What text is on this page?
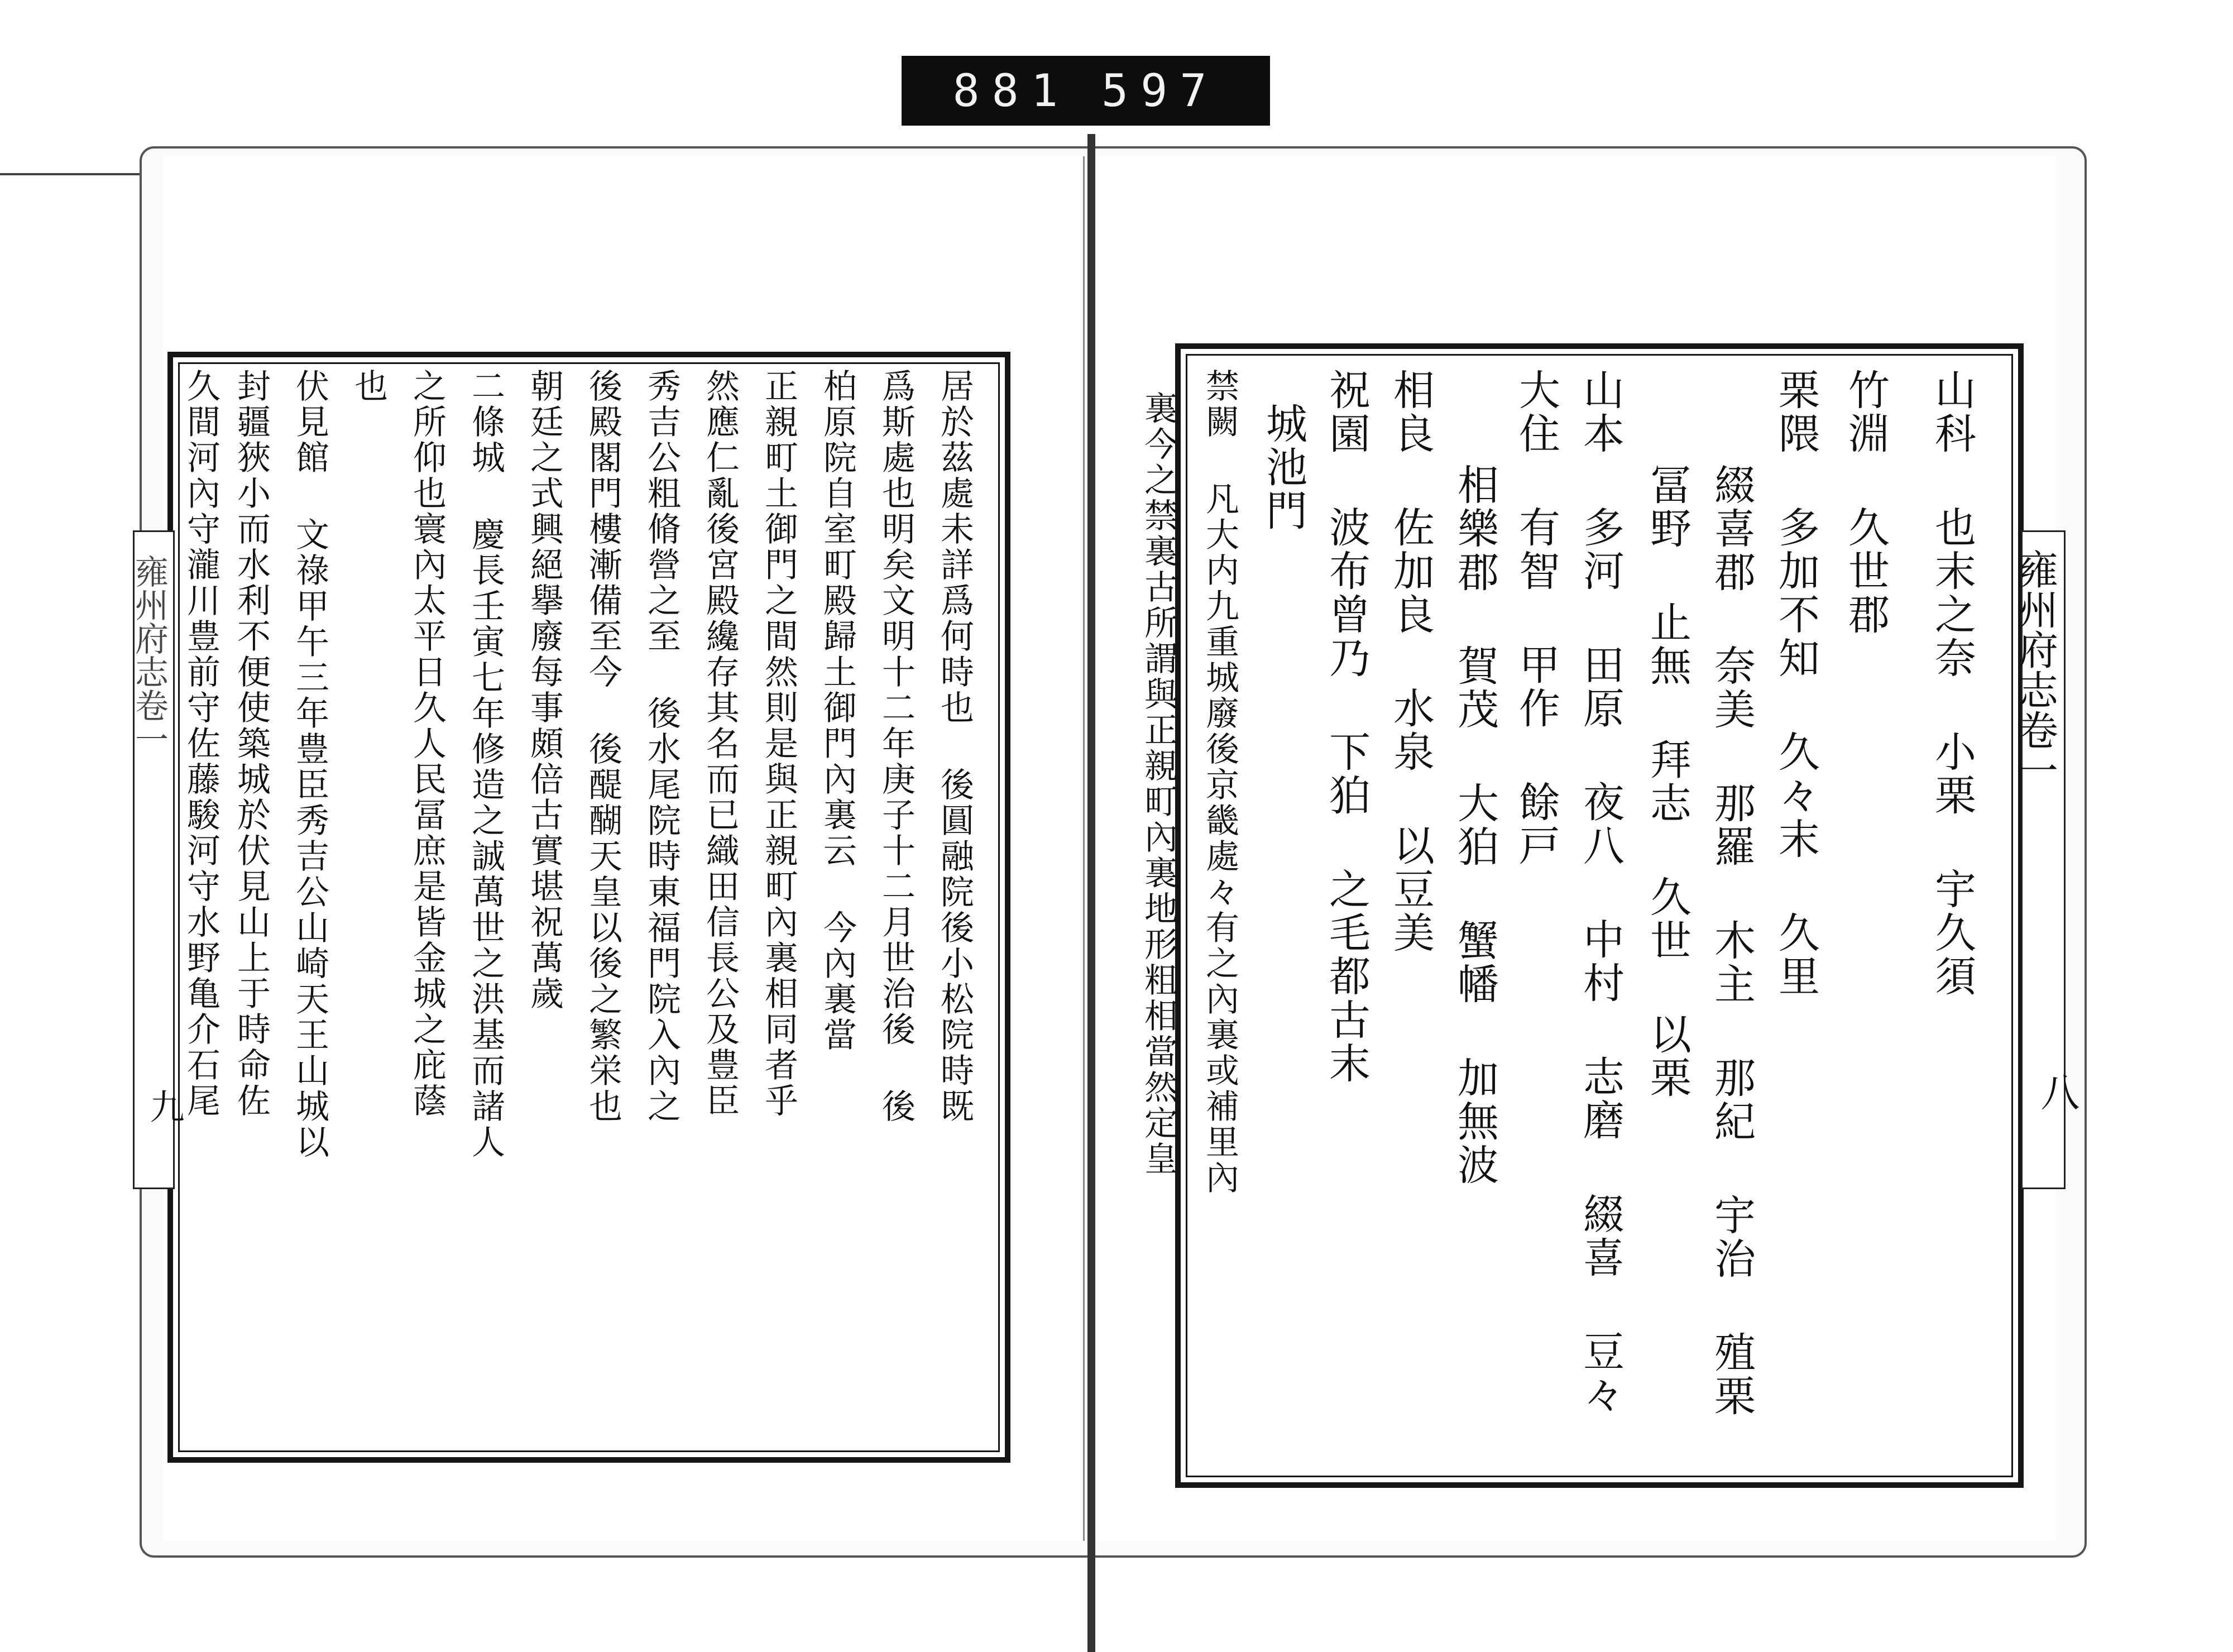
881 597
雍州府志卷一
九
雍州府志卷一
八
山科 也末之奈 小栗 宇久須
竹淵 久世郡
栗隈 多加不知 久々末 久里
綴喜郡 奈美 那羅 木主 那紀 宇治 殖栗
冨野 止無 拜志 久世 以栗
山本 多河 田原 夜八 中村 志磨 綴喜 豆々
大住 有智 甲作 餘戸
相樂郡 賀茂 大狛 蟹幡 加無波
相良 佐加良 水泉 以豆美
祝園 波布曾乃 下狛 之毛都古末
城池門
禁闕 凡大内九重城廢後京畿處々有之內裏或補里內
裏今之禁裏古所謂與正親町內裏地形粗相當然定皇
居於茲處未詳爲何時也 後圓融院後小松院時既
爲斯處也明矣文明十二年庚子十二月世治後 後
柏原院自室町殿歸土御門內裏云 今內裏當
正親町土御門之間然則是與正親町內裏相同者乎
然應仁亂後宮殿纔存其名而已織田信長公及豊臣
秀吉公粗脩營之至 後水尾院時東福門院入內之
後殿閣門樓漸備至今 後醍醐天皇以後之繁栄也
朝廷之式興絕擧廢每事頗倍古實堪祝萬歲
二條城 慶長壬寅七年修造之誠萬世之洪基而諸人
之所仰也寰內太平日久人民冨庶是皆金城之庇蔭
也
伏見館 文祿甲午三年豊臣秀吉公山崎天王山城以
封疆狹小而水利不便使築城於伏見山上于時命佐
久間河內守瀧川豊前守佐藤駿河守水野亀介石尾
